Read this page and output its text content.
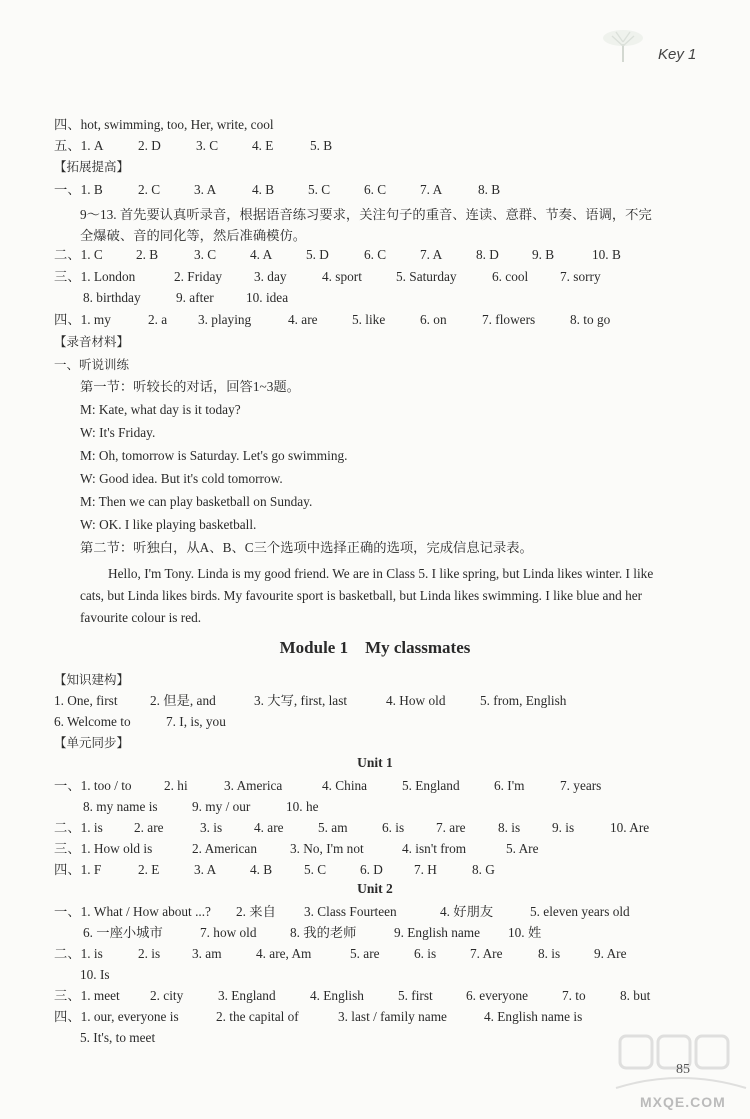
Key 1
四、hot, swimming, too, Her, write, cool
五、1. A	2. D	3. C	4. E	5. B
【拓展提高】
一、1. B	2. C	3. A	4. B	5. C	6. C	7. A	8. B
三、1. London	2. Friday 3. day	4. sport	5. Saturday	6. cool 7. sorry
8. birthday	9. after 10. idea
四、1. my	2. a 3. playing	4. are	5. like	6. on	7. flowers	8. to go
【录音材料】
一、听说训练
第一节：听较长的对话，回答1~3题。
M: Kate, what day is it today?
W: It's Friday.
M: Oh, tomorrow is Saturday. Let's go swimming.
W: Good idea. But it's cold tomorrow.
M: Then we can play basketball on Sunday.
W: OK. I like playing basketball.
第二节：听独白，从A、B、C三个选项中选择正确的选项，完成信息记录表。
1. One, first 2. 但是, and	3. 大写, first, last	4. How old	5. from, English
6. Welcome to	7. I, is, you
【单元同步】
一、1. too / to 2. hi	3. America	4. China	5. England	6. I'm	7. years
8. my name is	9. my / our	10. he
二、1. is 2. are	3. is 4. are	5. am	6. is 7. are 8. is 9. is	10. Are
三、1. How old is	2. American 3. No, I'm not	4. isn't from	5. Are
四、1. F	2. E	3. A	4. B 5. C	6. D 7. H	8. G
一、1. What / How about ...? 2. 来自 3. Class Fourteen	4. 好朋友	5. eleven years old
6. 一座小城市	7. how old	8. 我的老师	9. English name 10. 姓
二、1. is	2. is 3. am	4. are, Am	5. are	6. is	7. Are	8. is	9. Are
10. Is
三、1. meet 2. city	3. England	4. English	5. first	6. everyone	7. to	8. but
四、1. our, everyone is	2. the capital of	3. last / family name	4. English name is
5. It's, to meet
9～13. 首先要认真听录音，根据语音练习要求，关注句子的重音、连读、意群、节奏、语调，不完全爆破、音的同化等，然后准确模仿。
二、1. C 2. B	3. C	4. A	5. D	6. C	7. A	8. D 9. B	10. B
Hello, I'm Tony. Linda is my good friend. We are in Class 5. I like spring, but Linda likes winter. I like cats, but Linda likes birds. My favourite sport is basketball, but Linda likes swimming. I like blue and her favourite colour is red.
Module 1    My classmates
【知识建构】
Unit 1
Unit 2
85
MXQE.COM
